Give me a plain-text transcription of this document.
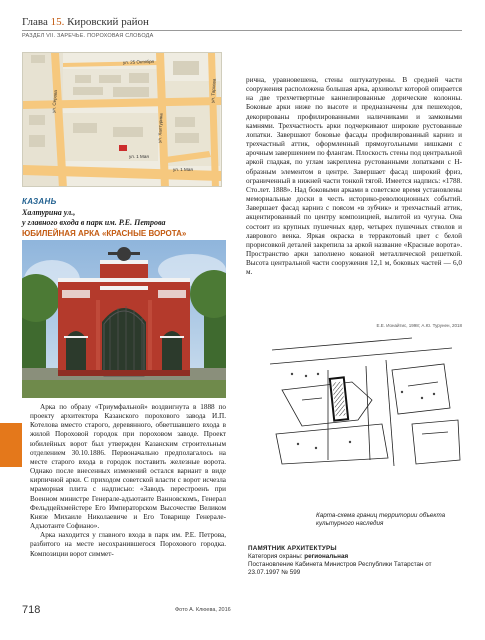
Глава 15. Кировский район
РАЗДЕЛ VII. ЗАРЕЧЬЕ. ПОРОХОВАЯ СЛОБОДА
ул. 1 Мая
ул. 1 Мая
ул. Халтурина
ул. Серова
ул. 25 Октября
ул. Тархова
КАЗАНЬ
Халтурина ул.,
у главного входа в парк им. Р.Е. Петрова
ЮБИЛЕЙНАЯ АРКА «КРАСНЫЕ ВОРОТА»

Арка по образу «Триумфальной» воздвигнута в 1888 по проекту архитектора Казанского порохового завода И.П. Котелова вместо старого, деревянного, обветшавшего входа в жилой Пороховой городок при пороховом заводе. Проект юбилейных ворот был утвержден Казанским строительным отделением 30.10.1886. Первоначально предполагалось на месте старого входа в городок поставить железные ворота. Однако после внесенных изменений остался вариант в виде кирпичной арки. С приходом советской власти с ворот исчезла мраморная плита с надписью: «Заводъ перестроенъ при Военном министре Генерале-адъютанте Ванновскомъ, Генерал Фельдцейхмейстере Его Императорском Высочестве Великом Князе Михаиле Николаевиче и Его Товарище Генерале-Адъютанте Софиано».

Арка находится у главного входа в парк им. Р.Е. Петрова, разбитого на месте несохранившегося Порохового городка. Композиции ворот симмет-

рична, уравновешена, стены оштукатурены. В средней части сооружения расположена большая арка, архивольт которой опирается на две трехчетвертные каннелированные дорические колонны. Боковые арки ниже по высоте и предназначены для пешеходов, декорированы профилированными наличниками и замковыми камнями. Трехчастность арки подчеркивают широкие рустованные лопатки. Завершают боковые фасады профилированный карниз и трехчастный аттик, оформленный прямоугольными нишками с арочным завершением по флангам. Плоскость стены под центральной аркой гладкая, по углам закреплена рустованными лопатками с Н-образным элементом в центре. Завершает фасад широкий фриз, ограниченный в нижней части тонкой тягой. Имеется надпись: «1788. Сто.лет. 1888». Над боковыми арками в советское время установлены мемориальные доски в честь историко-революционных событий. Завершает фасад карниз с поясом «в зубчик» и трехчастный аттик, акцентированный по центру композицией, вылитой из чугуна. Она состоит из крупных пушечных ядер, четырех пушечных стволов и лаврового венка. Яркая окраска в терракотовый цвет с белой прорисовкой деталей закрепила за аркой название «Красные ворота». Пространство арки заполнено кованой металлической решеткой. Высота центральной части сооружения 12,1 м, боковых частей — 6,0 м.

Е.Е. Ионайтис, 1998; А.Ю. Турунен, 2018
Карта-схема границ территории объекта культурного наследия
ПАМЯТНИК АРХИТЕКТУРЫ
Категория охраны: региональная
Постановление Кабинета Министров Республики Татарстан от 23.07.1997 № 599
718	Фото А. Клюева, 2016
